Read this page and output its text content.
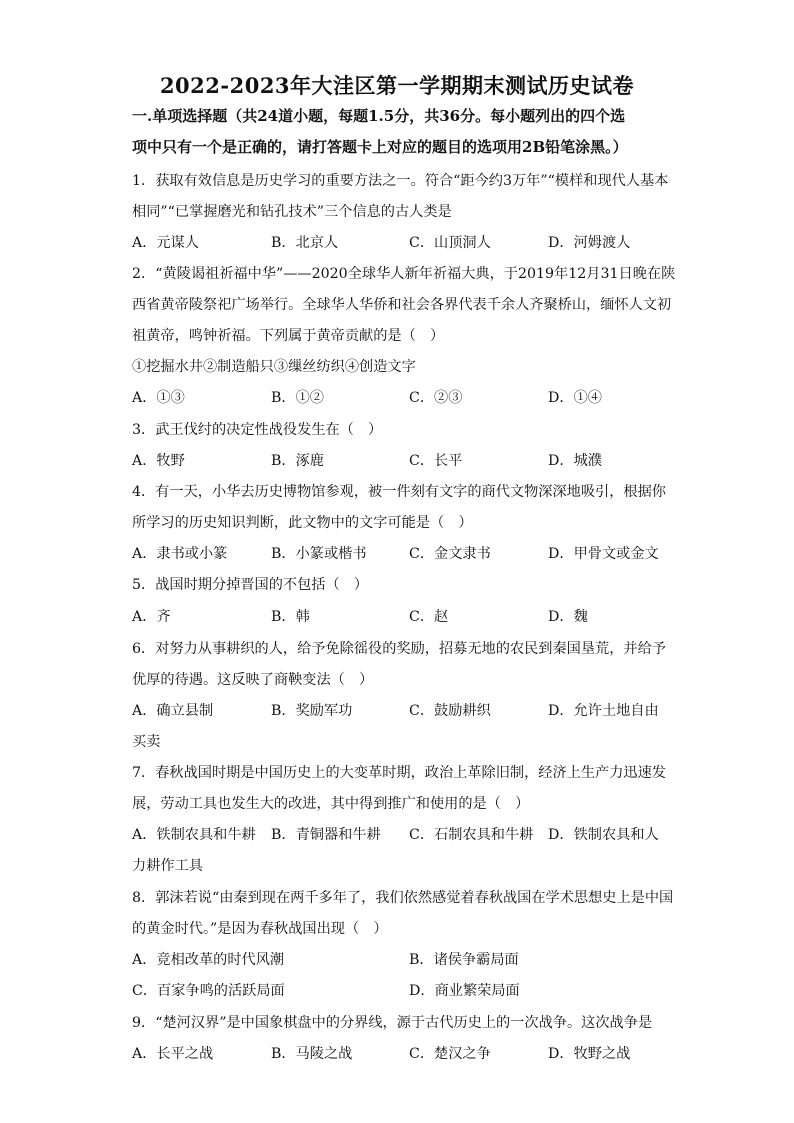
2022-2023年大洼区第一学期期末测试历史试卷
一.单项选择题（共24道小题，每题1.5分，共36分。每小题列出的四个选
项中只有一个是正确的，请打答题卡上对应的题目的选项用2B铅笔涂黑。）
1．获取有效信息是历史学习的重要方法之一。符合“距今约3万年”“模样和现代人基本
相同”“已掌握磨光和钻孔技术”三个信息的古人类是
A．元谋人	B．北京人	C．山顶洞人	D．河姆渡人
2．“黄陵谒祖祈福中华”——2020全球华人新年祈福大典，于2019年12月31日晚在陕
西省黄帝陵祭祀广场举行。全球华人华侨和社会各界代表千余人齐聚桥山，缅怀人文初
祖黄帝，鸣钟祈福。下列属于黄帝贡献的是（　）
①挖掘水井②制造船只③缫丝纺织④创造文字
A．①③	B．①②	C．②③	D．①④
3．武王伐纣的决定性战役发生在（　）
A．牧野	B．涿鹿	C．长平	D．城濮
4．有一天，小华去历史博物馆参观，被一件刻有文字的商代文物深深地吸引，根据你
所学习的历史知识判断，此文物中的文字可能是（　）
A．隶书或小篆	B．小篆或楷书	C．金文隶书	D．甲骨文或金文
5．战国时期分掉晋国的不包括（　）
A．齐	B．韩	C．赵	D．魏
6．对努力从事耕织的人，给予免除徭役的奖励，招募无地的农民到秦国垦荒，并给予
优厚的待遇。这反映了商鞅变法（　）
A．确立县制	B．奖励军功	C．鼓励耕织	D．允许土地自由
买卖
7．春秋战国时期是中国历史上的大变革时期，政治上革除旧制，经济上生产力迅速发
展，劳动工具也发生大的改进，其中得到推广和使用的是（　）
A．铁制农具和牛耕 B．青铜器和牛耕 C．石制农具和牛耕 D．铁制农具和人
力耕作工具
8．郭沫若说“由秦到现在两千多年了，我们依然感觉着春秋战国在学术思想史上是中国
的黄金时代。”是因为春秋战国出现（　）
A．竞相改革的时代风潮	B．诸侯争霸局面
C．百家争鸣的活跃局面	D．商业繁荣局面
9．“楚河汉界”是中国象棋盘中的分界线，源于古代历史上的一次战争。这次战争是
A．长平之战	B．马陵之战	C．楚汉之争	D．牧野之战
